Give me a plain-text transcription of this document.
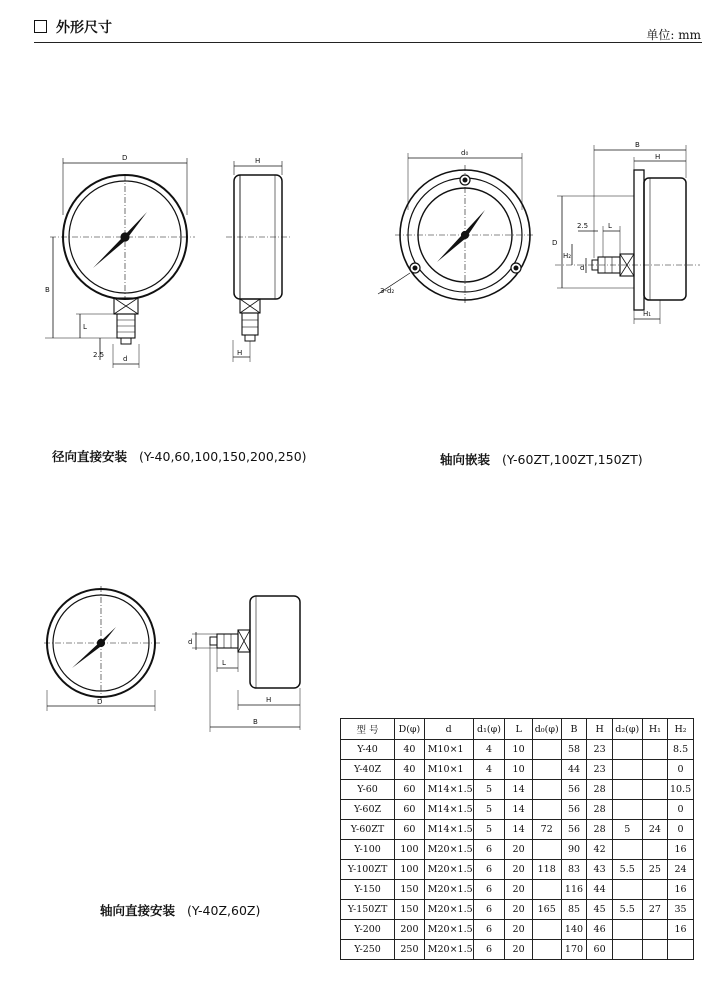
外形尺寸	单位: mm
D
B
L
2.5	d
H
H
d₀
3-d₂
B
H
D
2.5	L
H₂
d
H₁
D
d
L
H
B
径向直接安装 (Y-40,60,100,150,200,250)	轴向嵌装 (Y-60ZT,100ZT,150ZT)
轴向直接安装 (Y-40Z,60Z)
型 号	D(φ)	d	d₁(φ)	L	d₀(φ)	B	H	d₂(φ)	H₁	H₂
Y-40	40	M10×1	4	10		58	23			8.5
Y-40Z	40	M10×1	4	10		44	23			0
Y-60	60	M14×1.5	5	14		56	28			10.5
Y-60Z	60	M14×1.5	5	14		56	28			0
Y-60ZT	60	M14×1.5	5	14	72	56	28	5	24	0
Y-100	100	M20×1.5	6	20		90	42			16
Y-100ZT	100	M20×1.5	6	20	118	83	43	5.5	25	24
Y-150	150	M20×1.5	6	20		116	44			16
Y-150ZT	150	M20×1.5	6	20	165	85	45	5.5	27	35
Y-200	200	M20×1.5	6	20		140	46			16
Y-250	250	M20×1.5	6	20		170	60			
